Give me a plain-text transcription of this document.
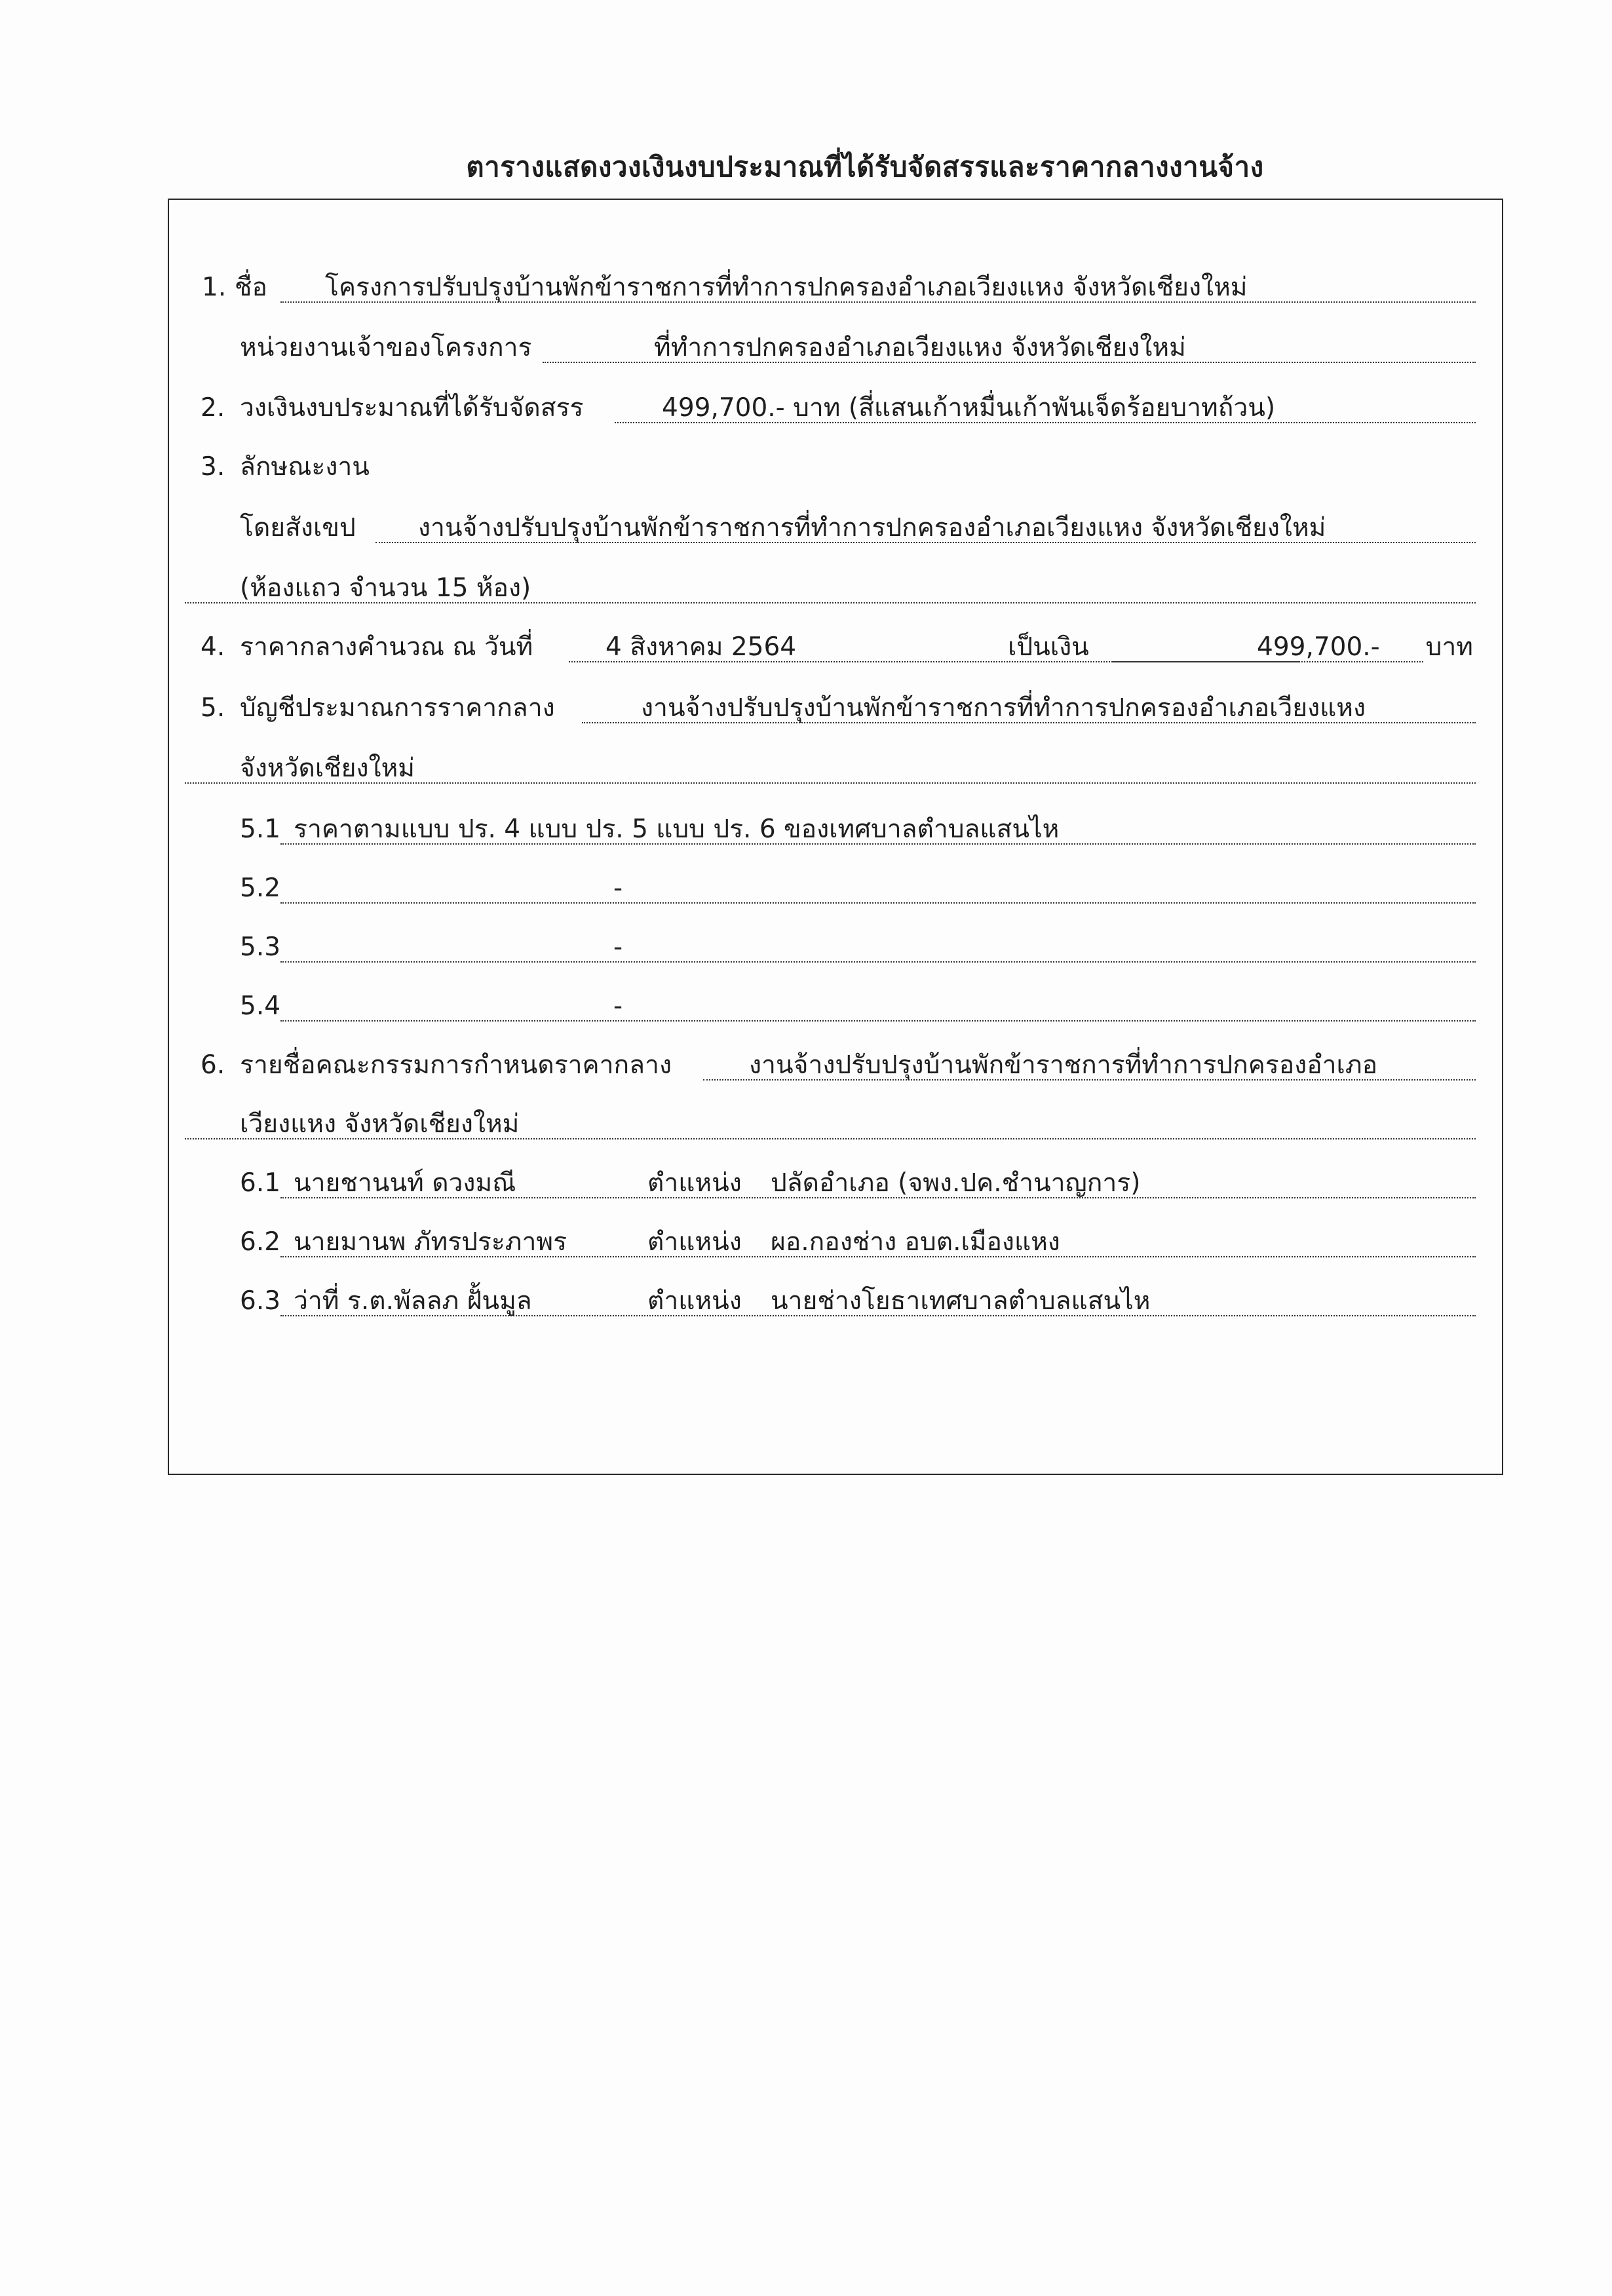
ตารางแสดงวงเงินงบประมาณที่ได้รับจัดสรรและราคากลางงานจ้าง
1. ชื่อ โครงการปรับปรุงบ้านพักข้าราชการที่ทำการปกครองอำเภอเวียงแหง จังหวัดเชียงใหม่
หน่วยงานเจ้าของโครงการ	ที่ทำการปกครองอำเภอเวียงแหง จังหวัดเชียงใหม่
2. วงเงินงบประมาณที่ได้รับจัดสรร	499,700.- บาท (สี่แสนเก้าหมื่นเก้าพันเจ็ดร้อยบาทถ้วน)
3. ลักษณะงาน
โดยสังเขป งานจ้างปรับปรุงบ้านพักข้าราชการที่ทำการปกครองอำเภอเวียงแหง จังหวัดเชียงใหม่
(ห้องแถว จำนวน 15 ห้อง)
4. ราคากลางคำนวณ ณ วันที่	4 สิงหาคม 2564	เป็นเงิน	499,700.- บาท
5. บัญชีประมาณการราคากลาง	งานจ้างปรับปรุงบ้านพักข้าราชการที่ทำการปกครองอำเภอเวียงแหง
จังหวัดเชียงใหม่
5.1 ราคาตามแบบ ปร. 4 แบบ ปร. 5 แบบ ปร. 6 ของเทศบาลตำบลแสนไห
5.2	-
5.3	-
5.4	-
6. รายชื่อคณะกรรมการกำหนดราคากลาง	งานจ้างปรับปรุงบ้านพักข้าราชการที่ทำการปกครองอำเภอ
เวียงแหง จังหวัดเชียงใหม่
6.1 นายชานนท์ ดวงมณี	ตำแหน่ง ปลัดอำเภอ (จพง.ปค.ชำนาญการ)
6.2 นายมานพ ภัทรประภาพร	ตำแหน่ง ผอ.กองช่าง อบต.เมืองแหง
6.3 ว่าที่ ร.ต.พัลลภ ฝั้นมูล	ตำแหน่ง นายช่างโยธาเทศบาลตำบลแสนไห
